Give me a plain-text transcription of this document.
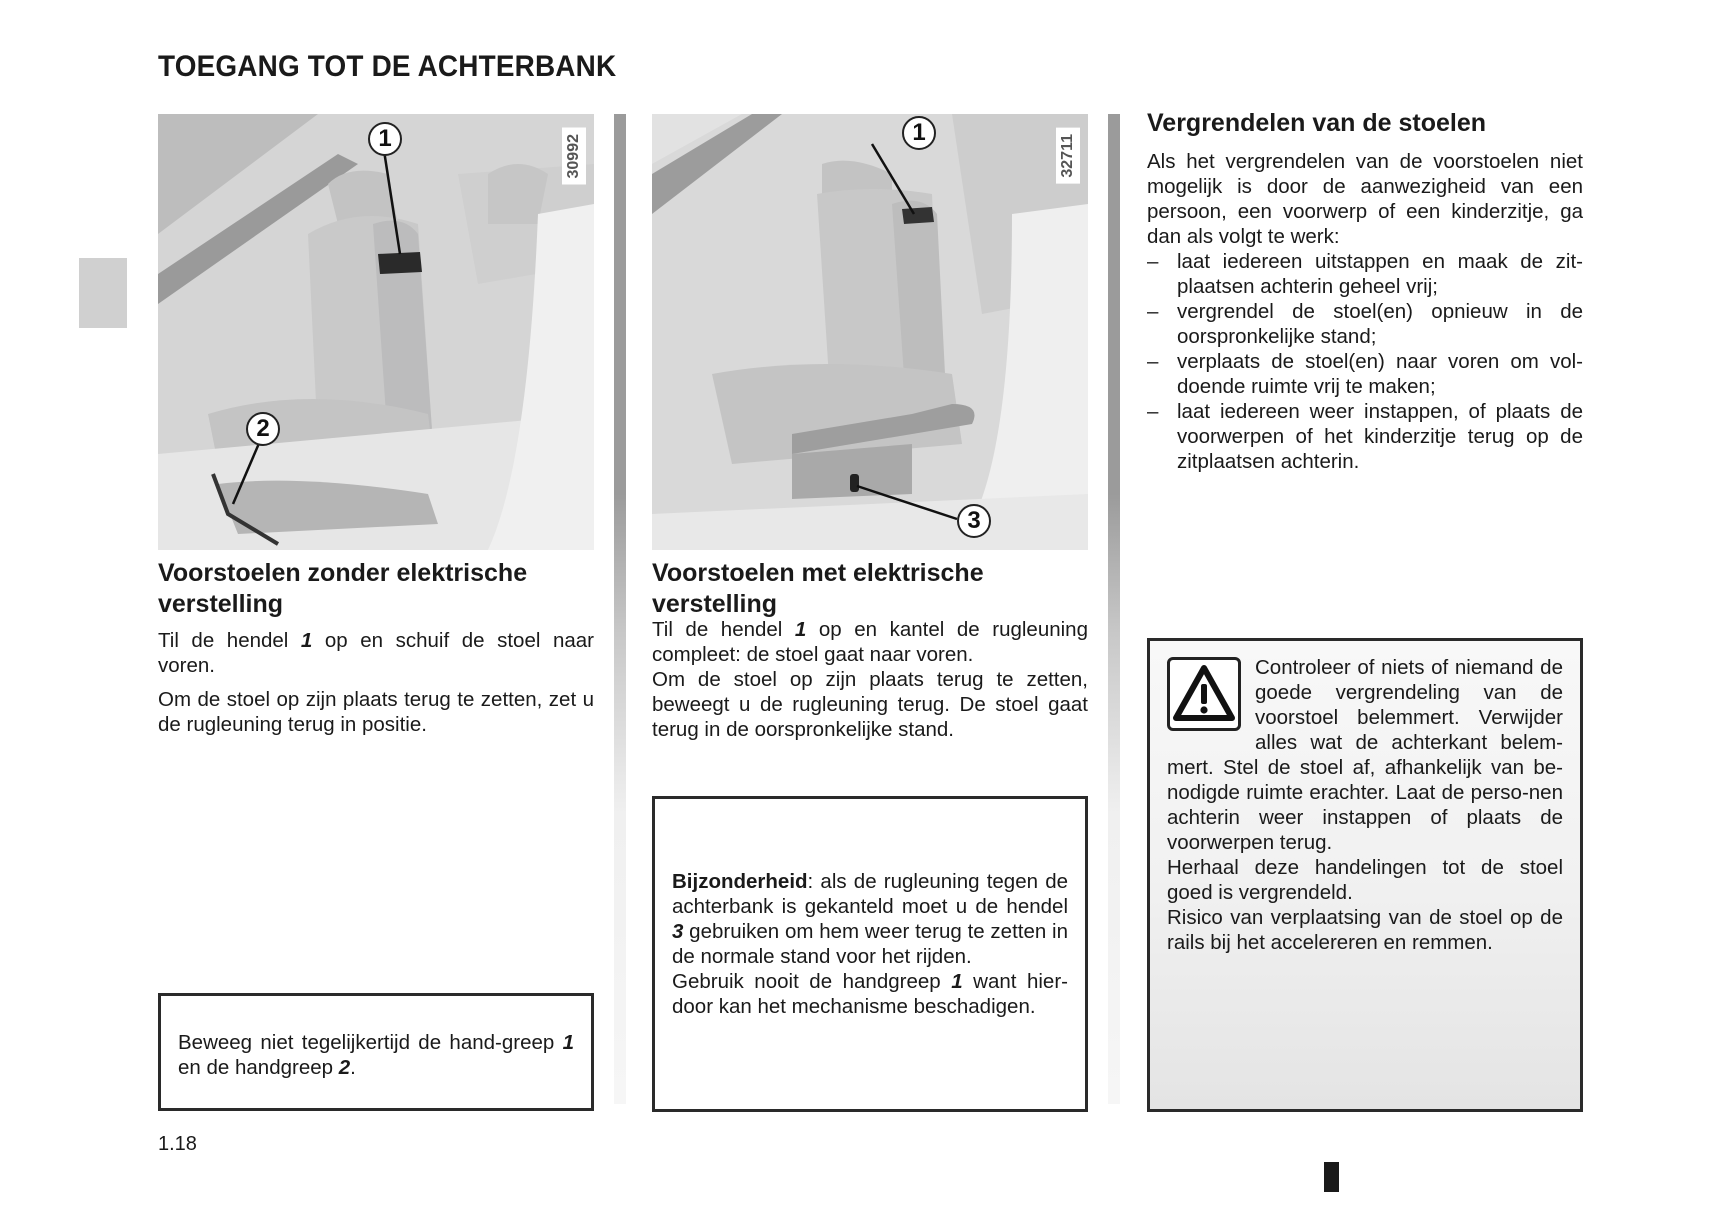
TOEGANG TOT DE ACHTERBANK
1
2
30992
1
3
32711
Voorstoelen zonder elektrische verstelling

Til de hendel 1 op en schuif de stoel naar voren.

Om de stoel op zijn plaats terug te zetten, zet u de rugleuning terug in positie.

Beweeg niet tegelijkertijd de hand-greep 1 en de handgreep 2.
Voorstoelen met elektrische verstelling

Til de hendel 1 op en kantel de rugleuning compleet: de stoel gaat naar voren.

Om de stoel op zijn plaats terug te zetten, beweegt u de rugleuning terug. De stoel gaat terug in de oorspronkelijke stand.

Bijzonderheid: als de rugleuning tegen de achterbank is gekanteld moet u de hendel 3 gebruiken om hem weer terug te zetten in de normale stand voor het rijden.

Gebruik nooit de handgreep 1 want hier-door kan het mechanisme beschadigen.

Vergrendelen van de stoelen

Als het vergrendelen van de voorstoelen niet mogelijk is door de aanwezigheid van een persoon, een voorwerp of een kinderzitje, ga dan als volgt te werk:

– laat iedereen uitstappen en maak de zit-plaatsen achterin geheel vrij;
– vergrendel de stoel(en) opnieuw in de oorspronkelijke stand;
– verplaats de stoel(en) naar voren om vol-doende ruimte vrij te maken;
– laat iedereen weer instappen, of plaats de voorwerpen of het kinderzitje terug op de zitplaatsen achterin.

Controleer of niets of niemand de goede vergrendeling van de voorstoel belemmert. Verwijder alles wat de achterkant belem-mert. Stel de stoel af, afhankelijk van be-nodigde ruimte erachter. Laat de perso-nen achterin weer instappen of plaats de voorwerpen terug.

Herhaal deze handelingen tot de stoel goed is vergrendeld.

Risico van verplaatsing van de stoel op de rails bij het accelereren en remmen.

1.18
